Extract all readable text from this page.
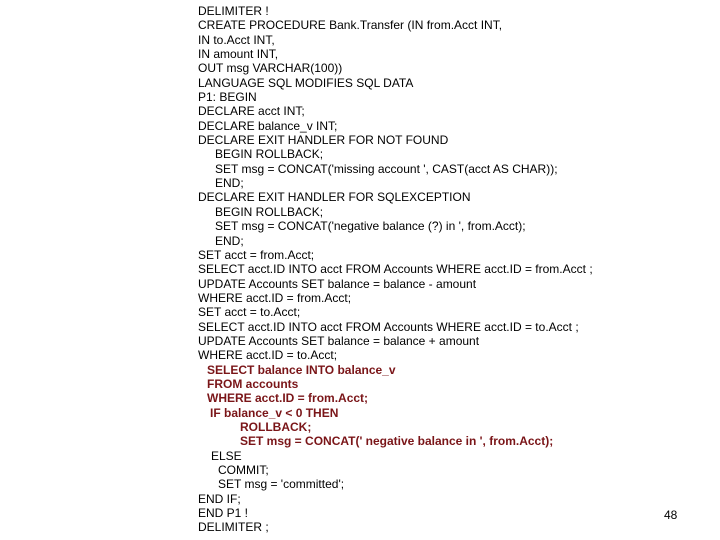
DELIMITER !
CREATE PROCEDURE Bank.Transfer (IN from.Acct INT,
IN to.Acct INT,
IN amount INT,
OUT msg VARCHAR(100))
LANGUAGE SQL MODIFIES SQL DATA
P1: BEGIN
DECLARE acct INT;
DECLARE balance_v INT;
DECLARE EXIT HANDLER FOR NOT FOUND
BEGIN ROLLBACK;
SET msg = CONCAT('missing account ', CAST(acct AS CHAR));
END;
DECLARE EXIT HANDLER FOR SQLEXCEPTION
BEGIN ROLLBACK;
SET msg = CONCAT('negative balance (?) in ', from.Acct);
END;
SET acct = from.Acct;
SELECT acct.ID INTO acct FROM Accounts WHERE acct.ID = from.Acct ;
UPDATE Accounts SET balance = balance - amount
WHERE acct.ID = from.Acct;
SET acct = to.Acct;
SELECT acct.ID INTO acct FROM Accounts WHERE acct.ID = to.Acct ;
UPDATE Accounts SET balance = balance + amount
WHERE acct.ID = to.Acct;
SELECT balance INTO balance_v
FROM accounts
WHERE acct.ID = from.Acct;
IF balance_v < 0 THEN
ROLLBACK;
SET msg = CONCAT(' negative balance in ', from.Acct);
ELSE
COMMIT;
SET msg = 'committed';
END IF;
END P1 !
DELIMITER ;
48
